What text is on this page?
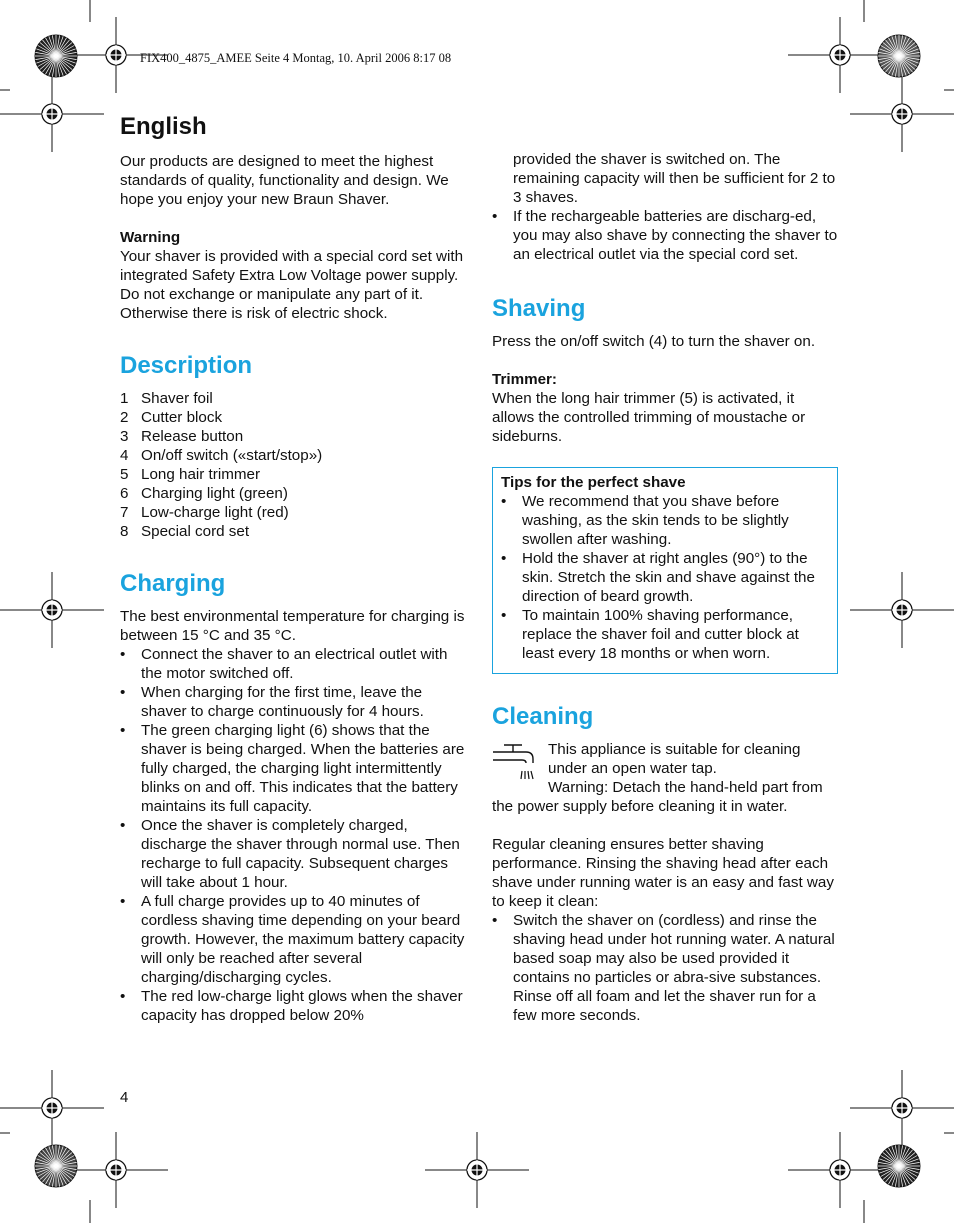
FIX400_4875_AMEE Seite 4 Montag, 10. April 2006 8:17 08
English

Our products are designed to meet the highest standards of quality, functionality and design. We hope you enjoy your new Braun Shaver.

Warning

Your shaver is provided with a special cord set with integrated Safety Extra Low Voltage power supply. Do not exchange or manipulate any part of it. Otherwise there is risk of electric shock.

Description
1 Shaver foil
2 Cutter block
3 Release button
4 On/off switch («start/stop»)
5 Long hair trimmer
6 Charging light (green)
7 Low-charge light (red)
8 Special cord set
Charging

The best environmental temperature for charging is between 15 °C and 35 °C.

• Connect the shaver to an electrical outlet with the motor switched off.
• When charging for the first time, leave the shaver to charge continuously for 4 hours.
• The green charging light (6) shows that the shaver is being charged. When the batteries are fully charged, the charging light intermittently blinks on and off. This indicates that the battery maintains its full capacity.
• Once the shaver is completely charged, discharge the shaver through normal use. Then recharge to full capacity. Subsequent charges will take about 1 hour.
• A full charge provides up to 40 minutes of cordless shaving time depending on your beard growth. However, the maximum battery capacity will only be reached after several charging/discharging cycles.
• The red low-charge light glows when the shaver capacity has dropped below 20%

provided the shaver is switched on. The remaining capacity will then be sufficient for 2 to 3 shaves.

• If the rechargeable batteries are discharg-ed, you may also shave by connecting the shaver to an electrical outlet via the special cord set.
Shaving

Press the on/off switch (4) to turn the shaver on.

Trimmer:

When the long hair trimmer (5) is activated, it allows the controlled trimming of moustache or sideburns.

Tips for the perfect shave

• We recommend that you shave before washing, as the skin tends to be slightly swollen after washing.
• Hold the shaver at right angles (90°) to the skin. Stretch the skin and shave against the direction of beard growth.
• To maintain 100% shaving performance, replace the shaver foil and cutter block at least every 18 months or when worn.
Cleaning

This appliance is suitable for cleaning under an open water tap.

Warning: Detach the hand-held part from the power supply before cleaning it in water.

Regular cleaning ensures better shaving performance. Rinsing the shaving head after each shave under running water is an easy and fast way to keep it clean:

• Switch the shaver on (cordless) and rinse the shaving head under hot running water. A natural based soap may also be used provided it contains no particles or abra-sive substances. Rinse off all foam and let the shaver run for a few more seconds.
4
